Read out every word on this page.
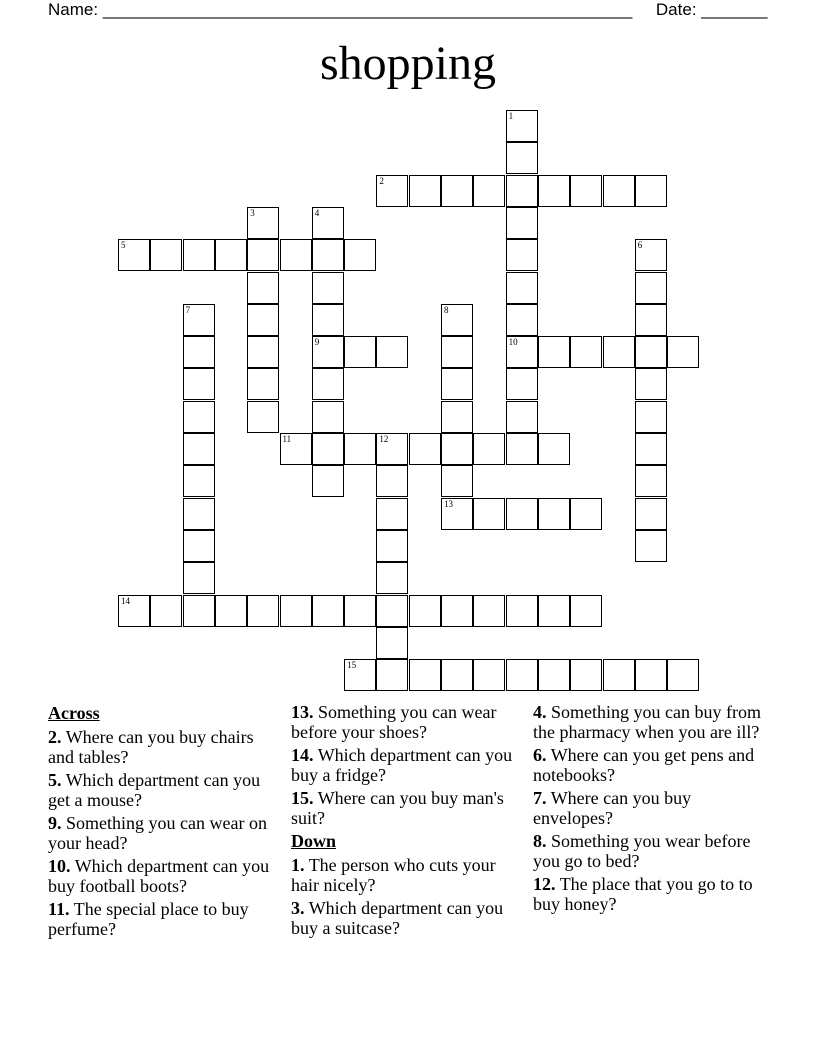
Name: ________________________________________________________ Date: _______
shopping
1
10
2
3	4
9
5	6
7	8
11	12
13
14
15
Across
2. Where can you buy chairs and tables?
5. Which department can you get a mouse?
9. Something you can wear on your head?
10. Which department can you buy football boots?
11. The special place to buy perfume?
13. Something you can wear before your shoes?
14. Which department can you buy a fridge?
15. Where can you buy man's suit?
Down
1. The person who cuts your hair nicely?
3. Which department can you buy a suitcase?
4. Something you can buy from the pharmacy when you are ill?
6. Where can you get pens and notebooks?
7. Where can you buy envelopes?
8. Something you wear before you go to bed?
12. The place that you go to to buy honey?
